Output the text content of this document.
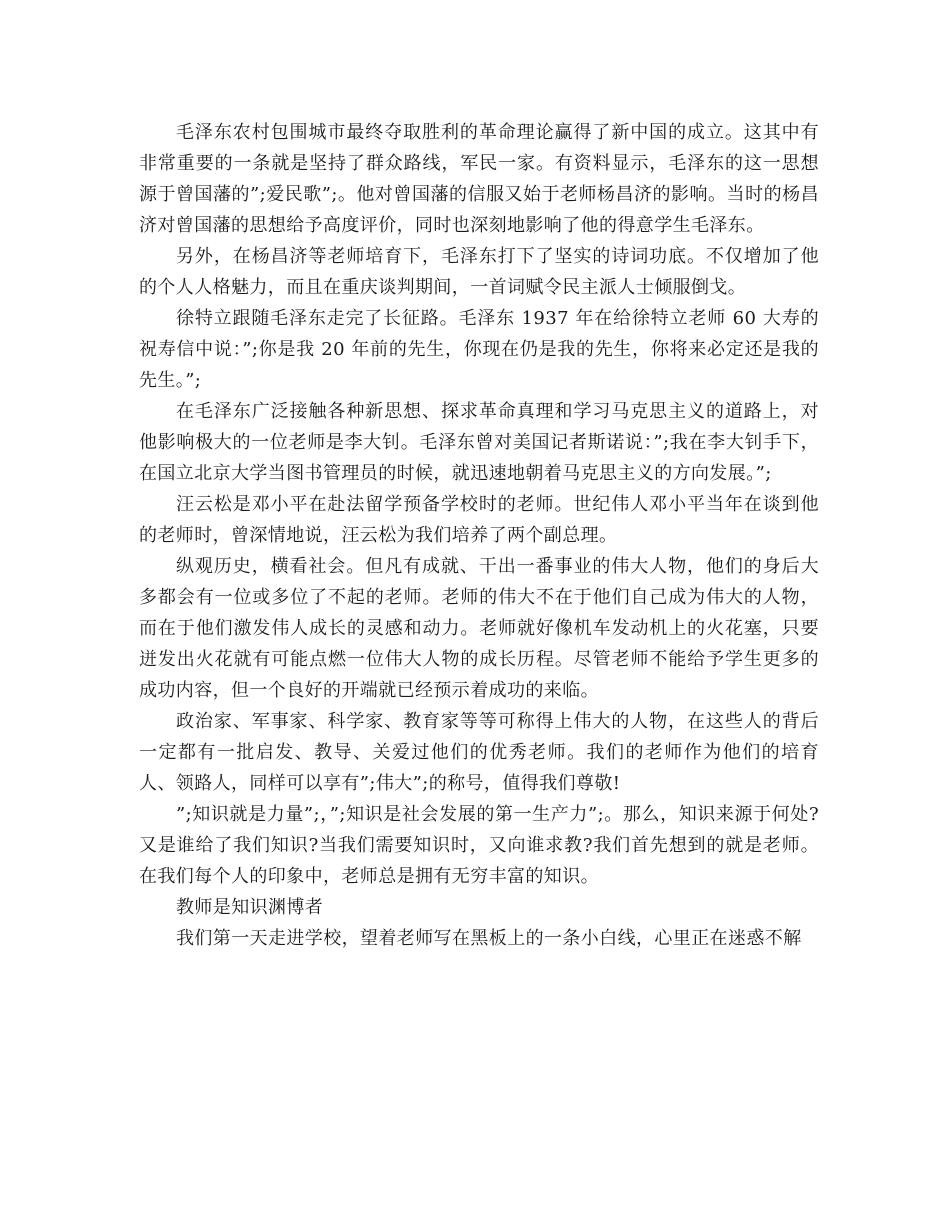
毛泽东农村包围城市最终夺取胜利的革命理论赢得了新中国的成立。这其中有非常重要的一条就是坚持了群众路线，军民一家。有资料显示，毛泽东的这一思想源于曾国藩的”;爱民歌”;。他对曾国藩的信服又始于老师杨昌济的影响。当时的杨昌济对曾国藩的思想给予高度评价，同时也深刻地影响了他的得意学生毛泽东。

另外，在杨昌济等老师培育下，毛泽东打下了坚实的诗词功底。不仅增加了他的个人人格魅力，而且在重庆谈判期间，一首词赋令民主派人士倾服倒戈。

徐特立跟随毛泽东走完了长征路。毛泽东 1937 年在给徐特立老师 60 大寿的祝寿信中说：”;你是我 20 年前的先生，你现在仍是我的先生，你将来必定还是我的先生。”;

在毛泽东广泛接触各种新思想、探求革命真理和学习马克思主义的道路上，对他影响极大的一位老师是李大钊。毛泽东曾对美国记者斯诺说：”;我在李大钊手下，在国立北京大学当图书管理员的时候，就迅速地朝着马克思主义的方向发展。”;

汪云松是邓小平在赴法留学预备学校时的老师。世纪伟人邓小平当年在谈到他的老师时，曾深情地说，汪云松为我们培养了两个副总理。

纵观历史，横看社会。但凡有成就、干出一番事业的伟大人物，他们的身后大多都会有一位或多位了不起的老师。老师的伟大不在于他们自己成为伟大的人物，而在于他们激发伟人成长的灵感和动力。老师就好像机车发动机上的火花塞，只要迸发出火花就有可能点燃一位伟大人物的成长历程。尽管老师不能给予学生更多的成功内容，但一个良好的开端就已经预示着成功的来临。

政治家、军事家、科学家、教育家等等可称得上伟大的人物，在这些人的背后一定都有一批启发、教导、关爱过他们的优秀老师。我们的老师作为他们的培育人、领路人，同样可以享有”;伟大”;的称号，值得我们尊敬!

”;知识就是力量”;，”;知识是社会发展的第一生产力”;。那么，知识来源于何处?又是谁给了我们知识?当我们需要知识时，又向谁求教?我们首先想到的就是老师。在我们每个人的印象中，老师总是拥有无穷丰富的知识。

教师是知识渊博者

我们第一天走进学校，望着老师写在黑板上的一条小白线，心里正在迷惑不解
